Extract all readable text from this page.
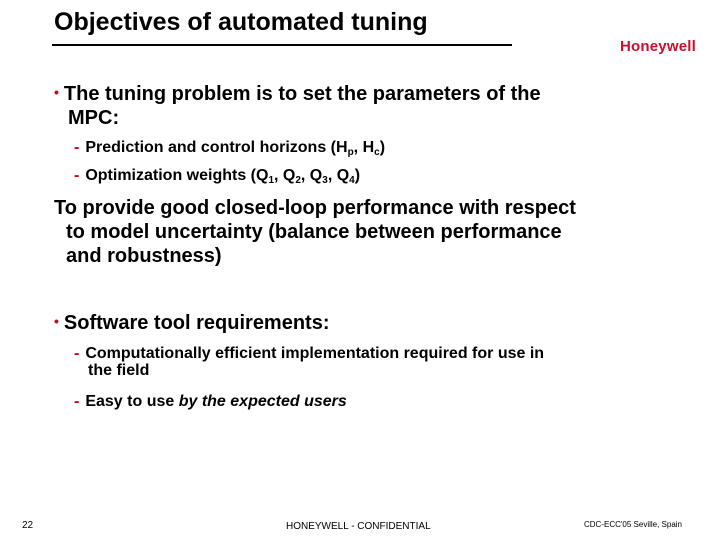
Objectives of automated tuning
Honeywell
• The tuning problem is to set the parameters of the
MPC:
- Prediction and control horizons ($H_p$, $H_c$)
- Optimization weights ($Q_1$, $Q_2$, $Q_3$, $Q_4$)
To provide good closed-loop performance with respect
to model uncertainty (balance between performance
and robustness)
• Software tool requirements:
- Computationally efficient implementation required for use in
the field
- Easy to use by the expected users
22	HONEYWELL - CONFIDENTIAL	CDC-ECC'05 Seville, Spain
